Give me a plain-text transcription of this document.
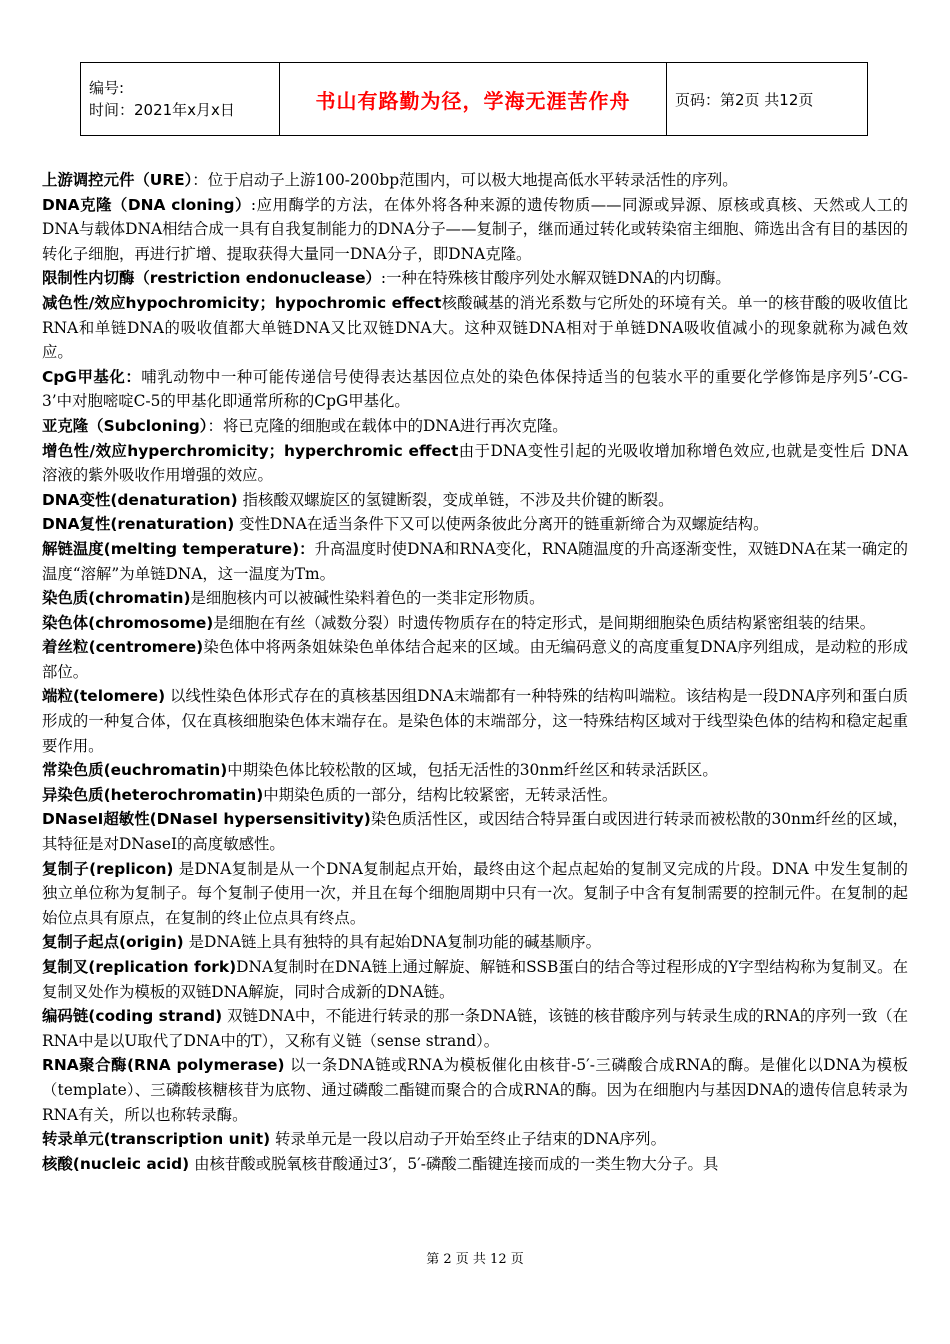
编号:
时间：2021年x月x日	书山有路勤为径，学海无涯苦作舟	页码：第2页 共12页

上游调控元件（URE）：位于启动子上游100-200bp范围内，可以极大地提高低水平转录活性的序列。

DNA克隆（DNA cloning）:应用酶学的方法，在体外将各种来源的遗传物质——同源或异源、原核或真核、天然或人工的DNA与载体DNA相结合成一具有自我复制能力的DNA分子——复制子，继而通过转化或转染宿主细胞、筛选出含有目的基因的转化子细胞，再进行扩增、提取获得大量同一DNA分子，即DNA克隆。

限制性内切酶（restriction endonuclease）:一种在特殊核甘酸序列处水解双链DNA的内切酶。

减色性/效应hypochromicity；hypochromic effect核酸碱基的消光系数与它所处的环境有关。单一的核苷酸的吸收值比RNA和单链DNA的吸收值都大单链DNA又比双链DNA大。这种双链DNA相对于单链DNA吸收值减小的现象就称为减色效应。

CpG甲基化：哺乳动物中一种可能传递信号使得表达基因位点处的染色体保持适当的包装水平的重要化学修饰是序列5’-CG-3’中对胞嘧啶C-5的甲基化即通常所称的CpG甲基化。

亚克隆（Subcloning）：将已克隆的细胞或在载体中的DNA进行再次克隆。

增色性/效应hyperchromicity；hyperchromic effect由于DNA变性引起的光吸收增加称增色效应,也就是变性后 DNA 溶液的紫外吸收作用增强的效应。

DNA变性(denaturation) 指核酸双螺旋区的氢键断裂，变成单链，不涉及共价键的断裂。

DNA复性(renaturation) 变性DNA在适当条件下又可以使两条彼此分离开的链重新缔合为双螺旋结构。

解链温度(melting temperature)：升高温度时使DNA和RNA变化，RNA随温度的升高逐渐变性，双链DNA在某一确定的温度“溶解”为单链DNA，这一温度为Tm。

染色质(chromatin)是细胞核内可以被碱性染料着色的一类非定形物质。

染色体(chromosome)是细胞在有丝（减数分裂）时遗传物质存在的特定形式，是间期细胞染色质结构紧密组装的结果。

着丝粒(centromere)染色体中将两条姐妹染色单体结合起来的区域。由无编码意义的高度重复DNA序列组成，是动粒的形成部位。

端粒(telomere) 以线性染色体形式存在的真核基因组DNA末端都有一种特殊的结构叫端粒。该结构是一段DNA序列和蛋白质形成的一种复合体，仅在真核细胞染色体末端存在。是染色体的末端部分，这一特殊结构区域对于线型染色体的结构和稳定起重要作用。

常染色质(euchromatin)中期染色体比较松散的区域，包括无活性的30nm纤丝区和转录活跃区。

异染色质(heterochromatin)中期染色质的一部分，结构比较紧密，无转录活性。

DNaseI超敏性(DNaseI hypersensitivity)染色质活性区，或因结合特异蛋白或因进行转录而被松散的30nm纤丝的区域，其特征是对DNaseI的高度敏感性。

复制子(replicon) 是DNA复制是从一个DNA复制起点开始，最终由这个起点起始的复制叉完成的片段。DNA 中发生复制的独立单位称为复制子。每个复制子使用一次，并且在每个细胞周期中只有一次。复制子中含有复制需要的控制元件。在复制的起始位点具有原点，在复制的终止位点具有终点。

复制子起点(origin) 是DNA链上具有独特的具有起始DNA复制功能的碱基顺序。

复制叉(replication fork)DNA复制时在DNA链上通过解旋、解链和SSB蛋白的结合等过程形成的Y字型结构称为复制叉。在复制叉处作为模板的双链DNA解旋，同时合成新的DNA链。

编码链(coding strand) 双链DNA中，不能进行转录的那一条DNA链，该链的核苷酸序列与转录生成的RNA的序列一致（在RNA中是以U取代了DNA中的T），又称有义链（sense strand）。

RNA聚合酶(RNA polymerase) 以一条DNA链或RNA为模板催化由核苷-5′-三磷酸合成RNA的酶。是催化以DNA为模板（template）、三磷酸核糖核苷为底物、通过磷酸二酯键而聚合的合成RNA的酶。因为在细胞内与基因DNA的遗传信息转录为RNA有关，所以也称转录酶。

转录单元(transcription unit) 转录单元是一段以启动子开始至终止子结束的DNA序列。

核酸(nucleic acid) 由核苷酸或脱氧核苷酸通过3′，5′-磷酸二酯键连接而成的一类生物大分子。具

第 2 页 共 12 页
